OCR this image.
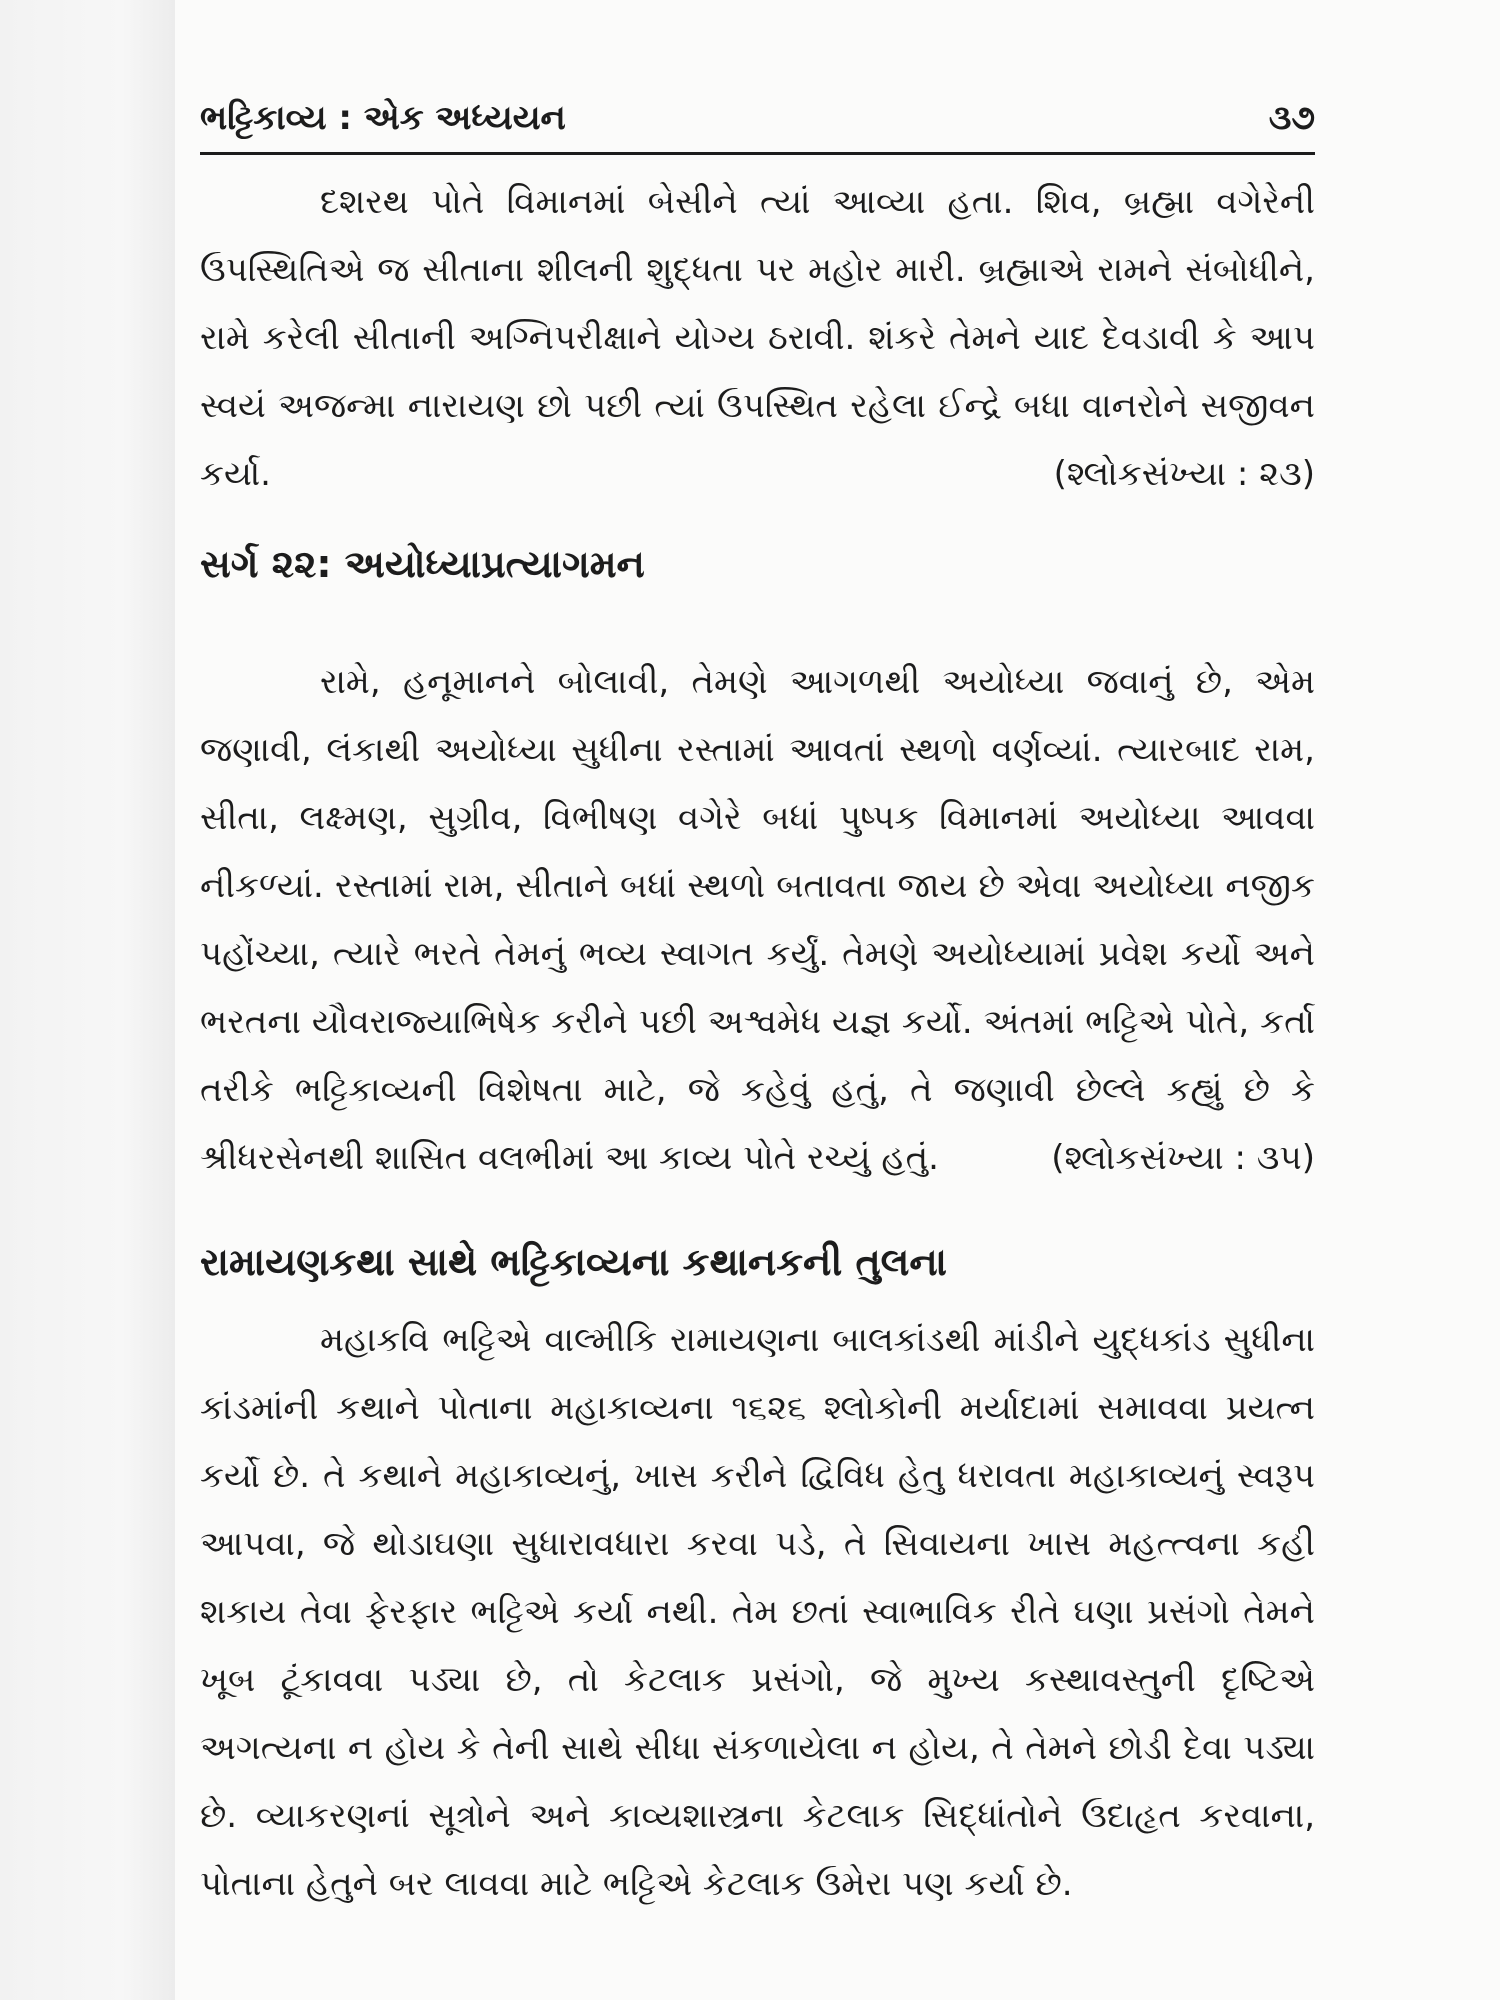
ભટ્ટિકાવ્ય : એક અધ્યયન	૩૭

દશરથ પોતે વિમાનમાં બેસીને ત્યાં આવ્યા હતા. શિવ, બ્રહ્મા વગેરેની ઉપસ્થિતિએ જ સીતાના શીલની શુદ્ધતા પર મહોર મારી. બ્રહ્માએ રામને સંબોધીને, રામે કરેલી સીતાની અગ્નિપરીક્ષાને યોગ્ય ઠરાવી. શંકરે તેમને યાદ દેવડાવી કે આપ સ્વયં અજન્મા નારાયણ છો પછી ત્યાં ઉપસ્થિત રહેલા ઈન્દ્રે બધા વાનરોને સજીવન કર્યા.	(શ્લોકસંખ્યા : ૨૩)

સર્ગ ૨૨: અયોધ્યાપ્રત્યાગમન

રામે, હનૂમાનને બોલાવી, તેમણે આગળથી અયોધ્યા જવાનું છે, એમ જણાવી, લંકાથી અયોધ્યા સુધીના રસ્તામાં આવતાં સ્થળો વર્ણવ્યાં. ત્યારબાદ રામ, સીતા, લક્ષ્મણ, સુગ્રીવ, વિભીષણ વગેરે બધાં પુષ્પક વિમાનમાં અયોધ્યા આવવા નીકળ્યાં. રસ્તામાં રામ, સીતાને બધાં સ્થળો બતાવતા જાય છે એવા અયોધ્યા નજીક પહોંચ્યા, ત્યારે ભરતે તેમનું ભવ્ય સ્વાગત કર્યું. તેમણે અયોધ્યામાં પ્રવેશ કર્યો અને ભરતના યૌવરાજ્યાભિષેક કરીને પછી અશ્વમેધ યજ્ઞ કર્યો. અંતમાં ભટ્ટિએ પોતે, કર્તા તરીકે ભટ્ટિકાવ્યની વિશેષતા માટે, જે કહેવું હતું, તે જણાવી છેલ્લે કહ્યું છે કે શ્રીધરસેનથી શાસિત વલભીમાં આ કાવ્ય પોતે રચ્યું હતું.	(શ્લોકસંખ્યા : ૩૫)

રામાયણકથા સાથે ભટ્ટિકાવ્યના કથાનકની તુલના

મહાકવિ ભટ્ટિએ વાલ્મીકિ રામાયણના બાલકાંડથી માંડીને યુદ્ધકાંડ સુધીના કાંડમાંની કથાને પોતાના મહાકાવ્યના ૧૬૨૬ શ્લોકોની મર્યાદામાં સમાવવા પ્રયત્ન કર્યો છે. તે કથાને મહાકાવ્યનું, ખાસ કરીને દ્વિવિધ હેતુ ધરાવતા મહાકાવ્યનું સ્વરૂપ આપવા, જે થોડાઘણા સુધારાવધારા કરવા પડે, તે સિવાયના ખાસ મહત્ત્વના કહી શકાય તેવા ફેરફાર ભટ્ટિએ કર્યા નથી. તેમ છતાં સ્વાભાવિક રીતે ઘણા પ્રસંગો તેમને ખૂબ ટૂંકાવવા પડ્યા છે, તો કેટલાક પ્રસંગો, જે મુખ્ય કસ્થાવસ્તુની દૃષ્ટિએ અગત્યના ન હોય કે તેની સાથે સીધા સંકળાયેલા ન હોય, તે તેમને છોડી દેવા પડ્યા છે. વ્યાકરણનાં સૂત્રોને અને કાવ્યશાસ્ત્રના કેટલાક સિદ્ધાંતોને ઉદાહૃત કરવાના, પોતાના હેતુને બર લાવવા માટે ભટ્ટિએ કેટલાક ઉમેરા પણ કર્યા છે.
